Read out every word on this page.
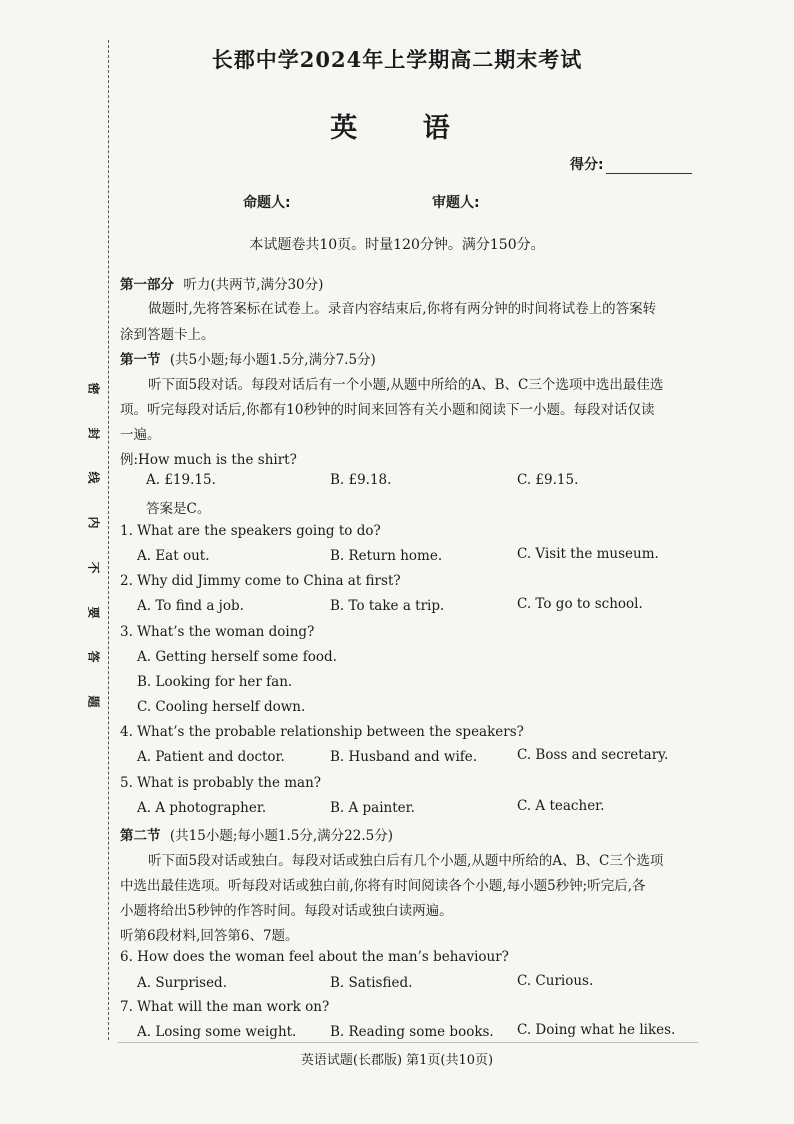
密
封
线
内
不
要
答
题
长郡中学2024年上学期高二期末考试
英 语
得分:
命题人:	审题人:
本试题卷共10页。时量120分钟。满分150分。
第一部分 听力(共两节,满分30分)
做题时,先将答案标在试卷上。录音内容结束后,你将有两分钟的时间将试卷上的答案转
涂到答题卡上。
第一节 (共5小题;每小题1.5分,满分7.5分)
听下面5段对话。每段对话后有一个小题,从题中所给的A、B、C三个选项中选出最佳选
项。听完每段对话后,你都有10秒钟的时间来回答有关小题和阅读下一小题。每段对话仅读
一遍。
例:How much is the shirt?
A. £19.15.	B. £9.18.	C. £9.15.
答案是C。
1. What are the speakers going to do?
A. Eat out.	B. Return home.	C. Visit the museum.
2. Why did Jimmy come to China at first?
A. To find a job.	B. To take a trip.	C. To go to school.
3. What’s the woman doing?
A. Getting herself some food.
B. Looking for her fan.
C. Cooling herself down.
4. What’s the probable relationship between the speakers?
A. Patient and doctor.	B. Husband and wife.	C. Boss and secretary.
5. What is probably the man?
A. A photographer.	B. A painter.	C. A teacher.
第二节 (共15小题;每小题1.5分,满分22.5分)
听下面5段对话或独白。每段对话或独白后有几个小题,从题中所给的A、B、C三个选项
中选出最佳选项。听每段对话或独白前,你将有时间阅读各个小题,每小题5秒钟;听完后,各
小题将给出5秒钟的作答时间。每段对话或独白读两遍。
听第6段材料,回答第6、7题。
6. How does the woman feel about the man’s behaviour?
A. Surprised.	B. Satisfied.	C. Curious.
7. What will the man work on?
A. Losing some weight. B. Reading some books. C. Doing what he likes.
英语试题(长郡版) 第1页(共10页)
